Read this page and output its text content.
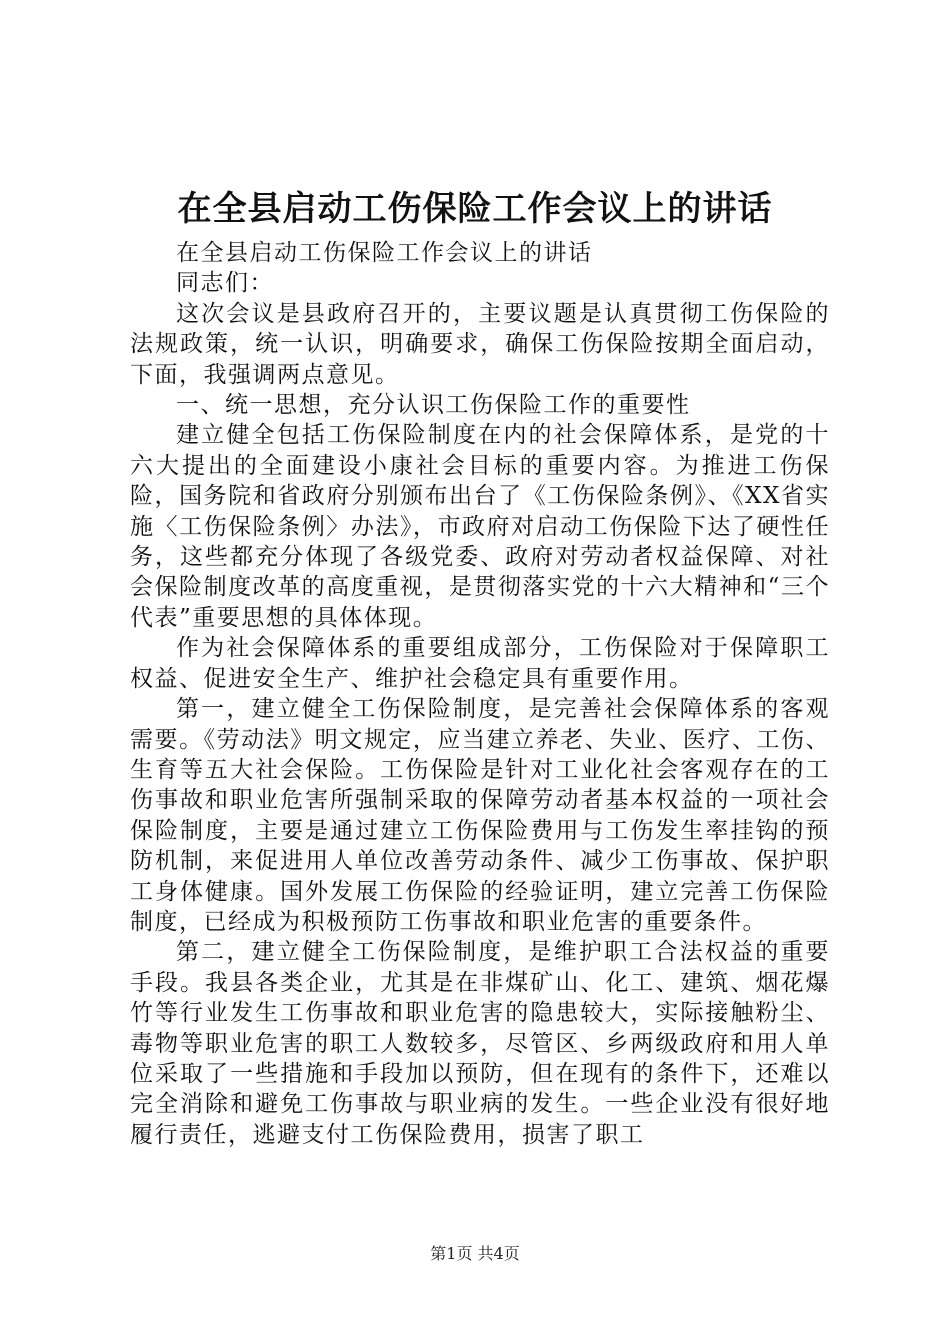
在全县启动工伤保险工作会议上的讲话

在全县启动工伤保险工作会议上的讲话

同志们：

这次会议是县政府召开的，主要议题是认真贯彻工伤保险的法规政策，统一认识，明确要求，确保工伤保险按期全面启动，下面，我强调两点意见。

一、统一思想，充分认识工伤保险工作的重要性

建立健全包括工伤保险制度在内的社会保障体系，是党的十六大提出的全面建设小康社会目标的重要内容。为推进工伤保险，国务院和省政府分别颁布出台了《工伤保险条例》、《XX省实施〈工伤保险条例〉办法》，市政府对启动工伤保险下达了硬性任务，这些都充分体现了各级党委、政府对劳动者权益保障、对社会保险制度改革的高度重视，是贯彻落实党的十六大精神和“三个代表”重要思想的具体体现。

作为社会保障体系的重要组成部分，工伤保险对于保障职工权益、促进安全生产、维护社会稳定具有重要作用。

第一，建立健全工伤保险制度，是完善社会保障体系的客观需要。《劳动法》明文规定，应当建立养老、失业、医疗、工伤、生育等五大社会保险。工伤保险是针对工业化社会客观存在的工伤事故和职业危害所强制采取的保障劳动者基本权益的一项社会保险制度，主要是通过建立工伤保险费用与工伤发生率挂钩的预防机制，来促进用人单位改善劳动条件、减少工伤事故、保护职工身体健康。国外发展工伤保险的经验证明，建立完善工伤保险制度，已经成为积极预防工伤事故和职业危害的重要条件。

第二，建立健全工伤保险制度，是维护职工合法权益的重要手段。我县各类企业，尤其是在非煤矿山、化工、建筑、烟花爆竹等行业发生工伤事故和职业危害的隐患较大，实际接触粉尘、毒物等职业危害的职工人数较多，尽管区、乡两级政府和用人单位采取了一些措施和手段加以预防，但在现有的条件下，还难以完全消除和避免工伤事故与职业病的发生。一些企业没有很好地履行责任，逃避支付工伤保险费用，损害了职工

第1页 共4页
